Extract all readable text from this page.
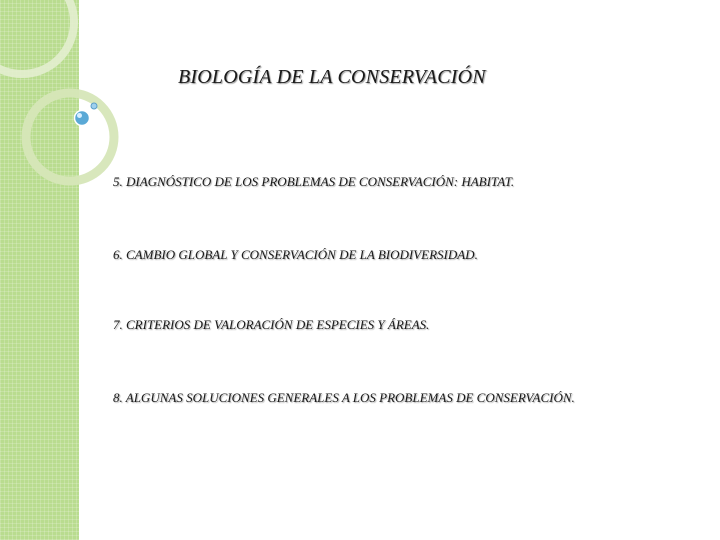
BIOLOGÍA DE LA CONSERVACIÓN
5. DIAGNÓSTICO DE LOS PROBLEMAS DE CONSERVACIÓN: HABITAT.
6. CAMBIO GLOBAL Y CONSERVACIÓN DE LA BIODIVERSIDAD.
7. CRITERIOS DE VALORACIÓN DE ESPECIES Y ÁREAS.
8. ALGUNAS SOLUCIONES GENERALES A LOS PROBLEMAS DE CONSERVACIÓN.
